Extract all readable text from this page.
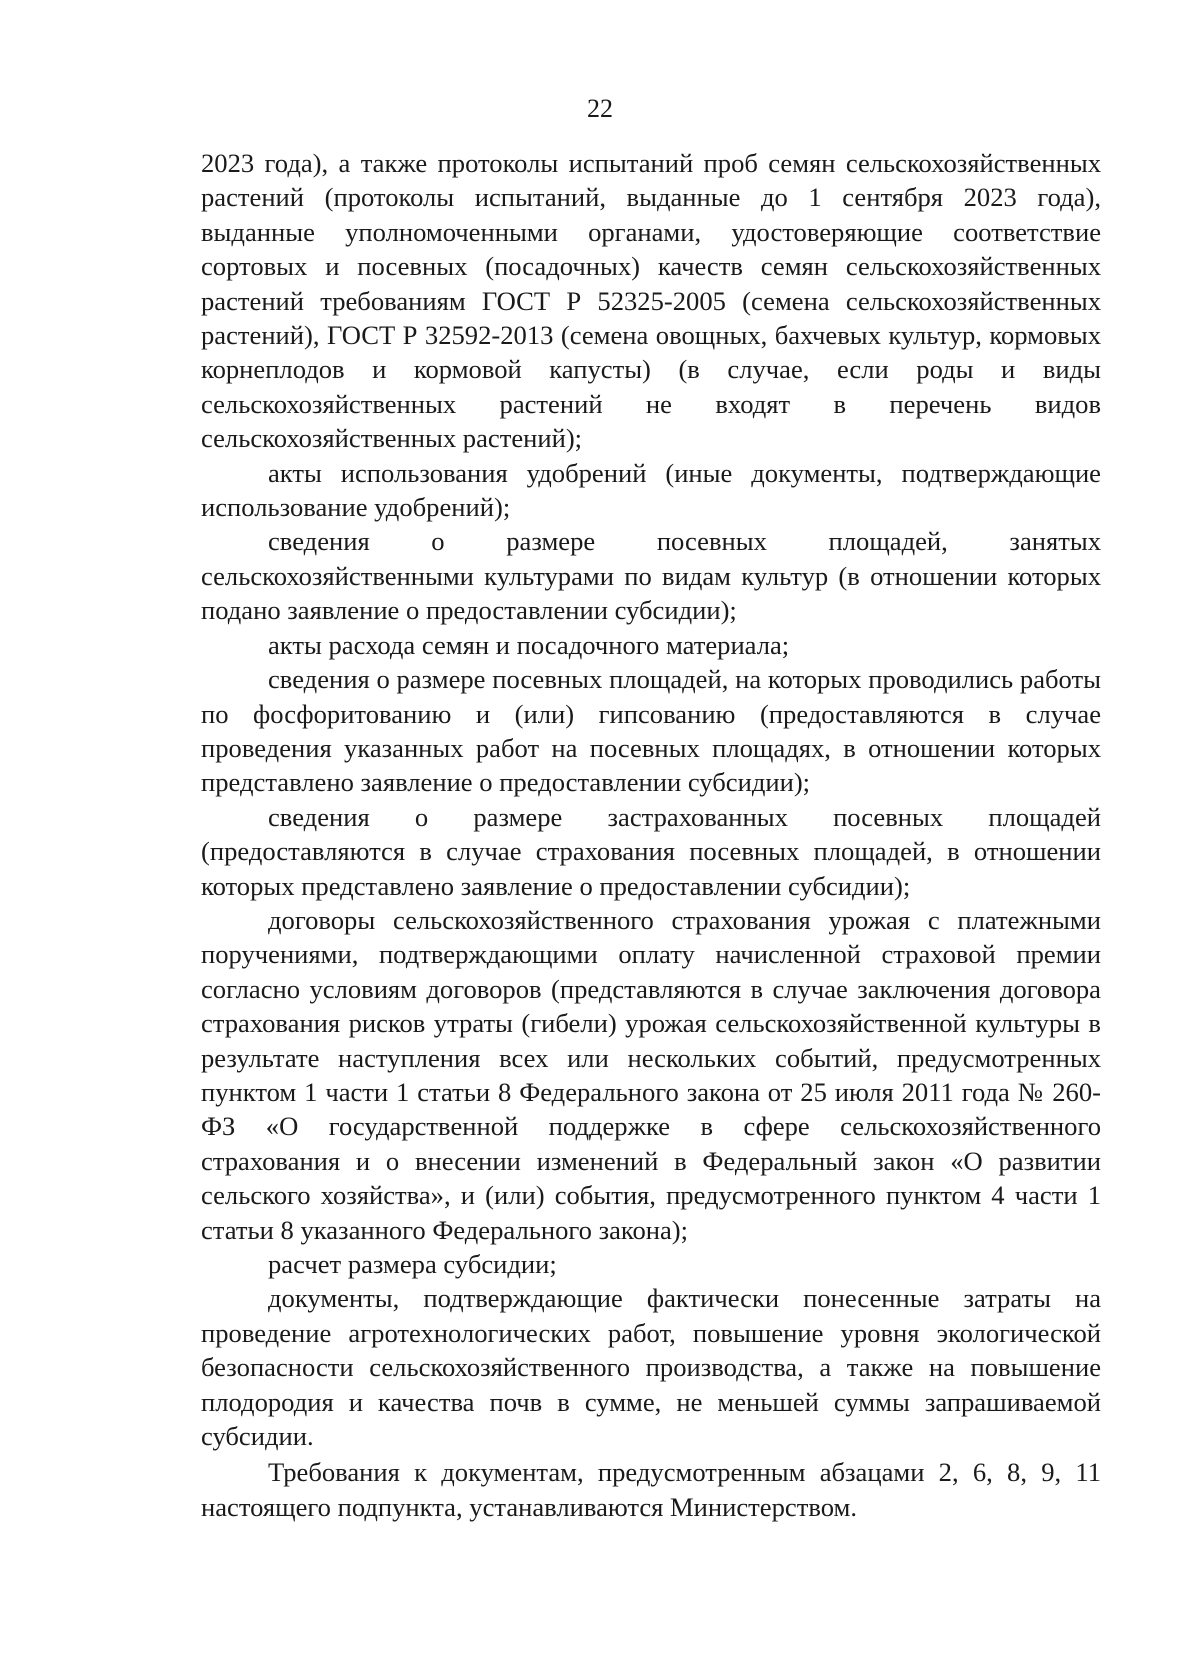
22

2023 года), а также протоколы испытаний проб семян сельскохозяйственных растений (протоколы испытаний, выданные до 1 сентября 2023 года), выданные уполномоченными органами, удостоверяющие соответствие сортовых и посевных (посадочных) качеств семян сельскохозяйственных растений требованиям ГОСТ Р 52325-2005 (семена сельскохозяйственных растений), ГОСТ Р 32592-2013 (семена овощных, бахчевых культур, кормовых корнеплодов и кормовой капусты) (в случае, если роды и виды сельскохозяйственных растений не входят в перечень видов сельскохозяйственных растений);

акты использования удобрений (иные документы, подтверждающие использование удобрений);

сведения о размере посевных площадей, занятых сельскохозяйственными культурами по видам культур (в отношении которых подано заявление о предоставлении субсидии);

акты расхода семян и посадочного материала;

сведения о размере посевных площадей, на которых проводились работы по фосфоритованию и (или) гипсованию (предоставляются в случае проведения указанных работ на посевных площадях, в отношении которых представлено заявление о предоставлении субсидии);

сведения о размере застрахованных посевных площадей (предоставляются в случае страхования посевных площадей, в отношении которых представлено заявление о предоставлении субсидии);

договоры сельскохозяйственного страхования урожая с платежными поручениями, подтверждающими оплату начисленной страховой премии согласно условиям договоров (представляются в случае заключения договора страхования рисков утраты (гибели) урожая сельскохозяйственной культуры в результате наступления всех или нескольких событий, предусмотренных пунктом 1 части 1 статьи 8 Федерального закона от 25 июля 2011 года № 260-ФЗ «О государственной поддержке в сфере сельскохозяйственного страхования и о внесении изменений в Федеральный закон «О развитии сельского хозяйства», и (или) события, предусмотренного пунктом 4 части 1 статьи 8 указанного Федерального закона);

расчет размера субсидии;

документы, подтверждающие фактически понесенные затраты на проведение агротехнологических работ, повышение уровня экологической безопасности сельскохозяйственного производства, а также на повышение плодородия и качества почв в сумме, не меньшей суммы запрашиваемой субсидии.

Требования к документам, предусмотренным абзацами 2, 6, 8, 9, 11 настоящего подпункта, устанавливаются Министерством.
